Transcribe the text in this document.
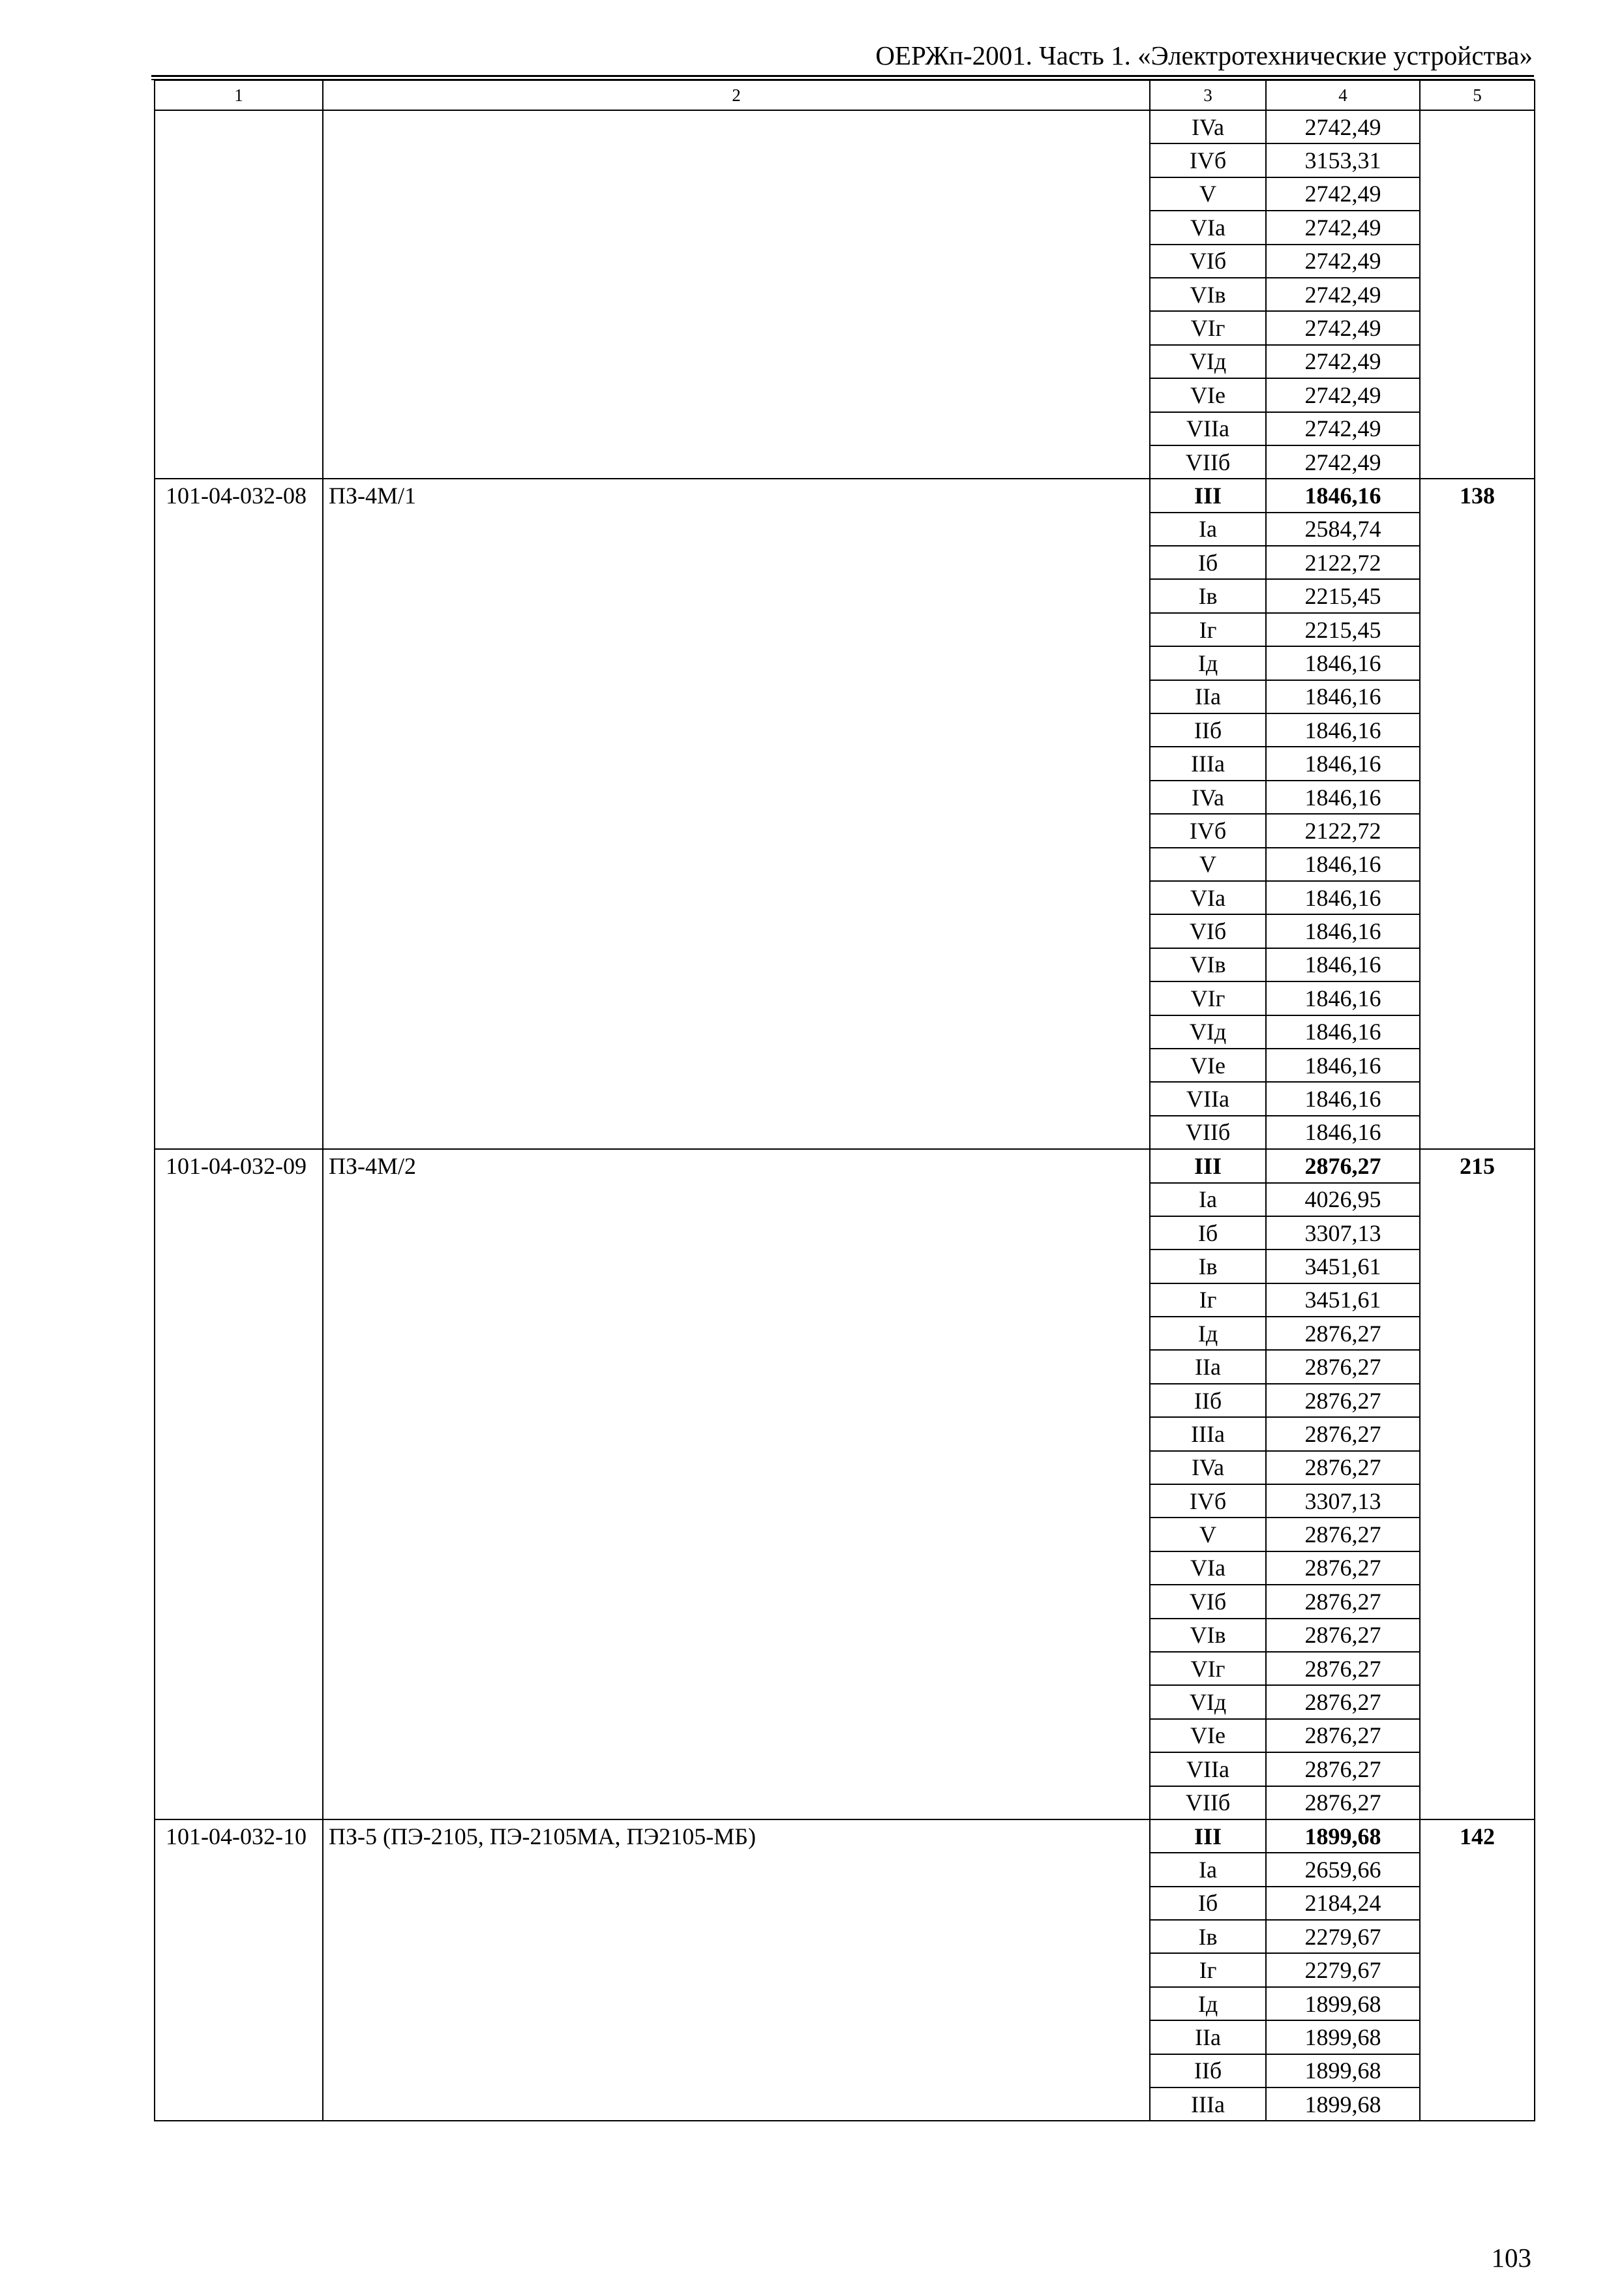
ОЕРЖп-2001. Часть 1. «Электротехнические устройства»
1	2	3	4	5
		IVa	2742,49	
		IVб	3153,31	
		V	2742,49	
		VIa	2742,49	
		VIб	2742,49	
		VIв	2742,49	
		VIг	2742,49	
		VIд	2742,49	
		VIe	2742,49	
		VIIa	2742,49	
		VIIб	2742,49	
101-04-032-08	ПЗ-4М/1	III	1846,16	138
		Ia	2584,74	
		Iб	2122,72	
		Iв	2215,45	
		Iг	2215,45	
		Iд	1846,16	
		IIa	1846,16	
		IIб	1846,16	
		IIIa	1846,16	
		IVa	1846,16	
		IVб	2122,72	
		V	1846,16	
		VIa	1846,16	
		VIб	1846,16	
		VIв	1846,16	
		VIг	1846,16	
		VIд	1846,16	
		VIe	1846,16	
		VIIa	1846,16	
		VIIб	1846,16	
101-04-032-09	ПЗ-4М/2	III	2876,27	215
		Ia	4026,95	
		Iб	3307,13	
		Iв	3451,61	
		Iг	3451,61	
		Iд	2876,27	
		IIa	2876,27	
		IIб	2876,27	
		IIIa	2876,27	
		IVa	2876,27	
		IVб	3307,13	
		V	2876,27	
		VIa	2876,27	
		VIб	2876,27	
		VIв	2876,27	
		VIг	2876,27	
		VIд	2876,27	
		VIe	2876,27	
		VIIa	2876,27	
		VIIб	2876,27	
101-04-032-10	ПЗ-5 (ПЭ-2105, ПЭ-2105МА, ПЭ2105-МБ)	III	1899,68	142
		Ia	2659,66	
		Iб	2184,24	
		Iв	2279,67	
		Iг	2279,67	
		Iд	1899,68	
		IIa	1899,68	
		IIб	1899,68	
		IIIa	1899,68	
103
